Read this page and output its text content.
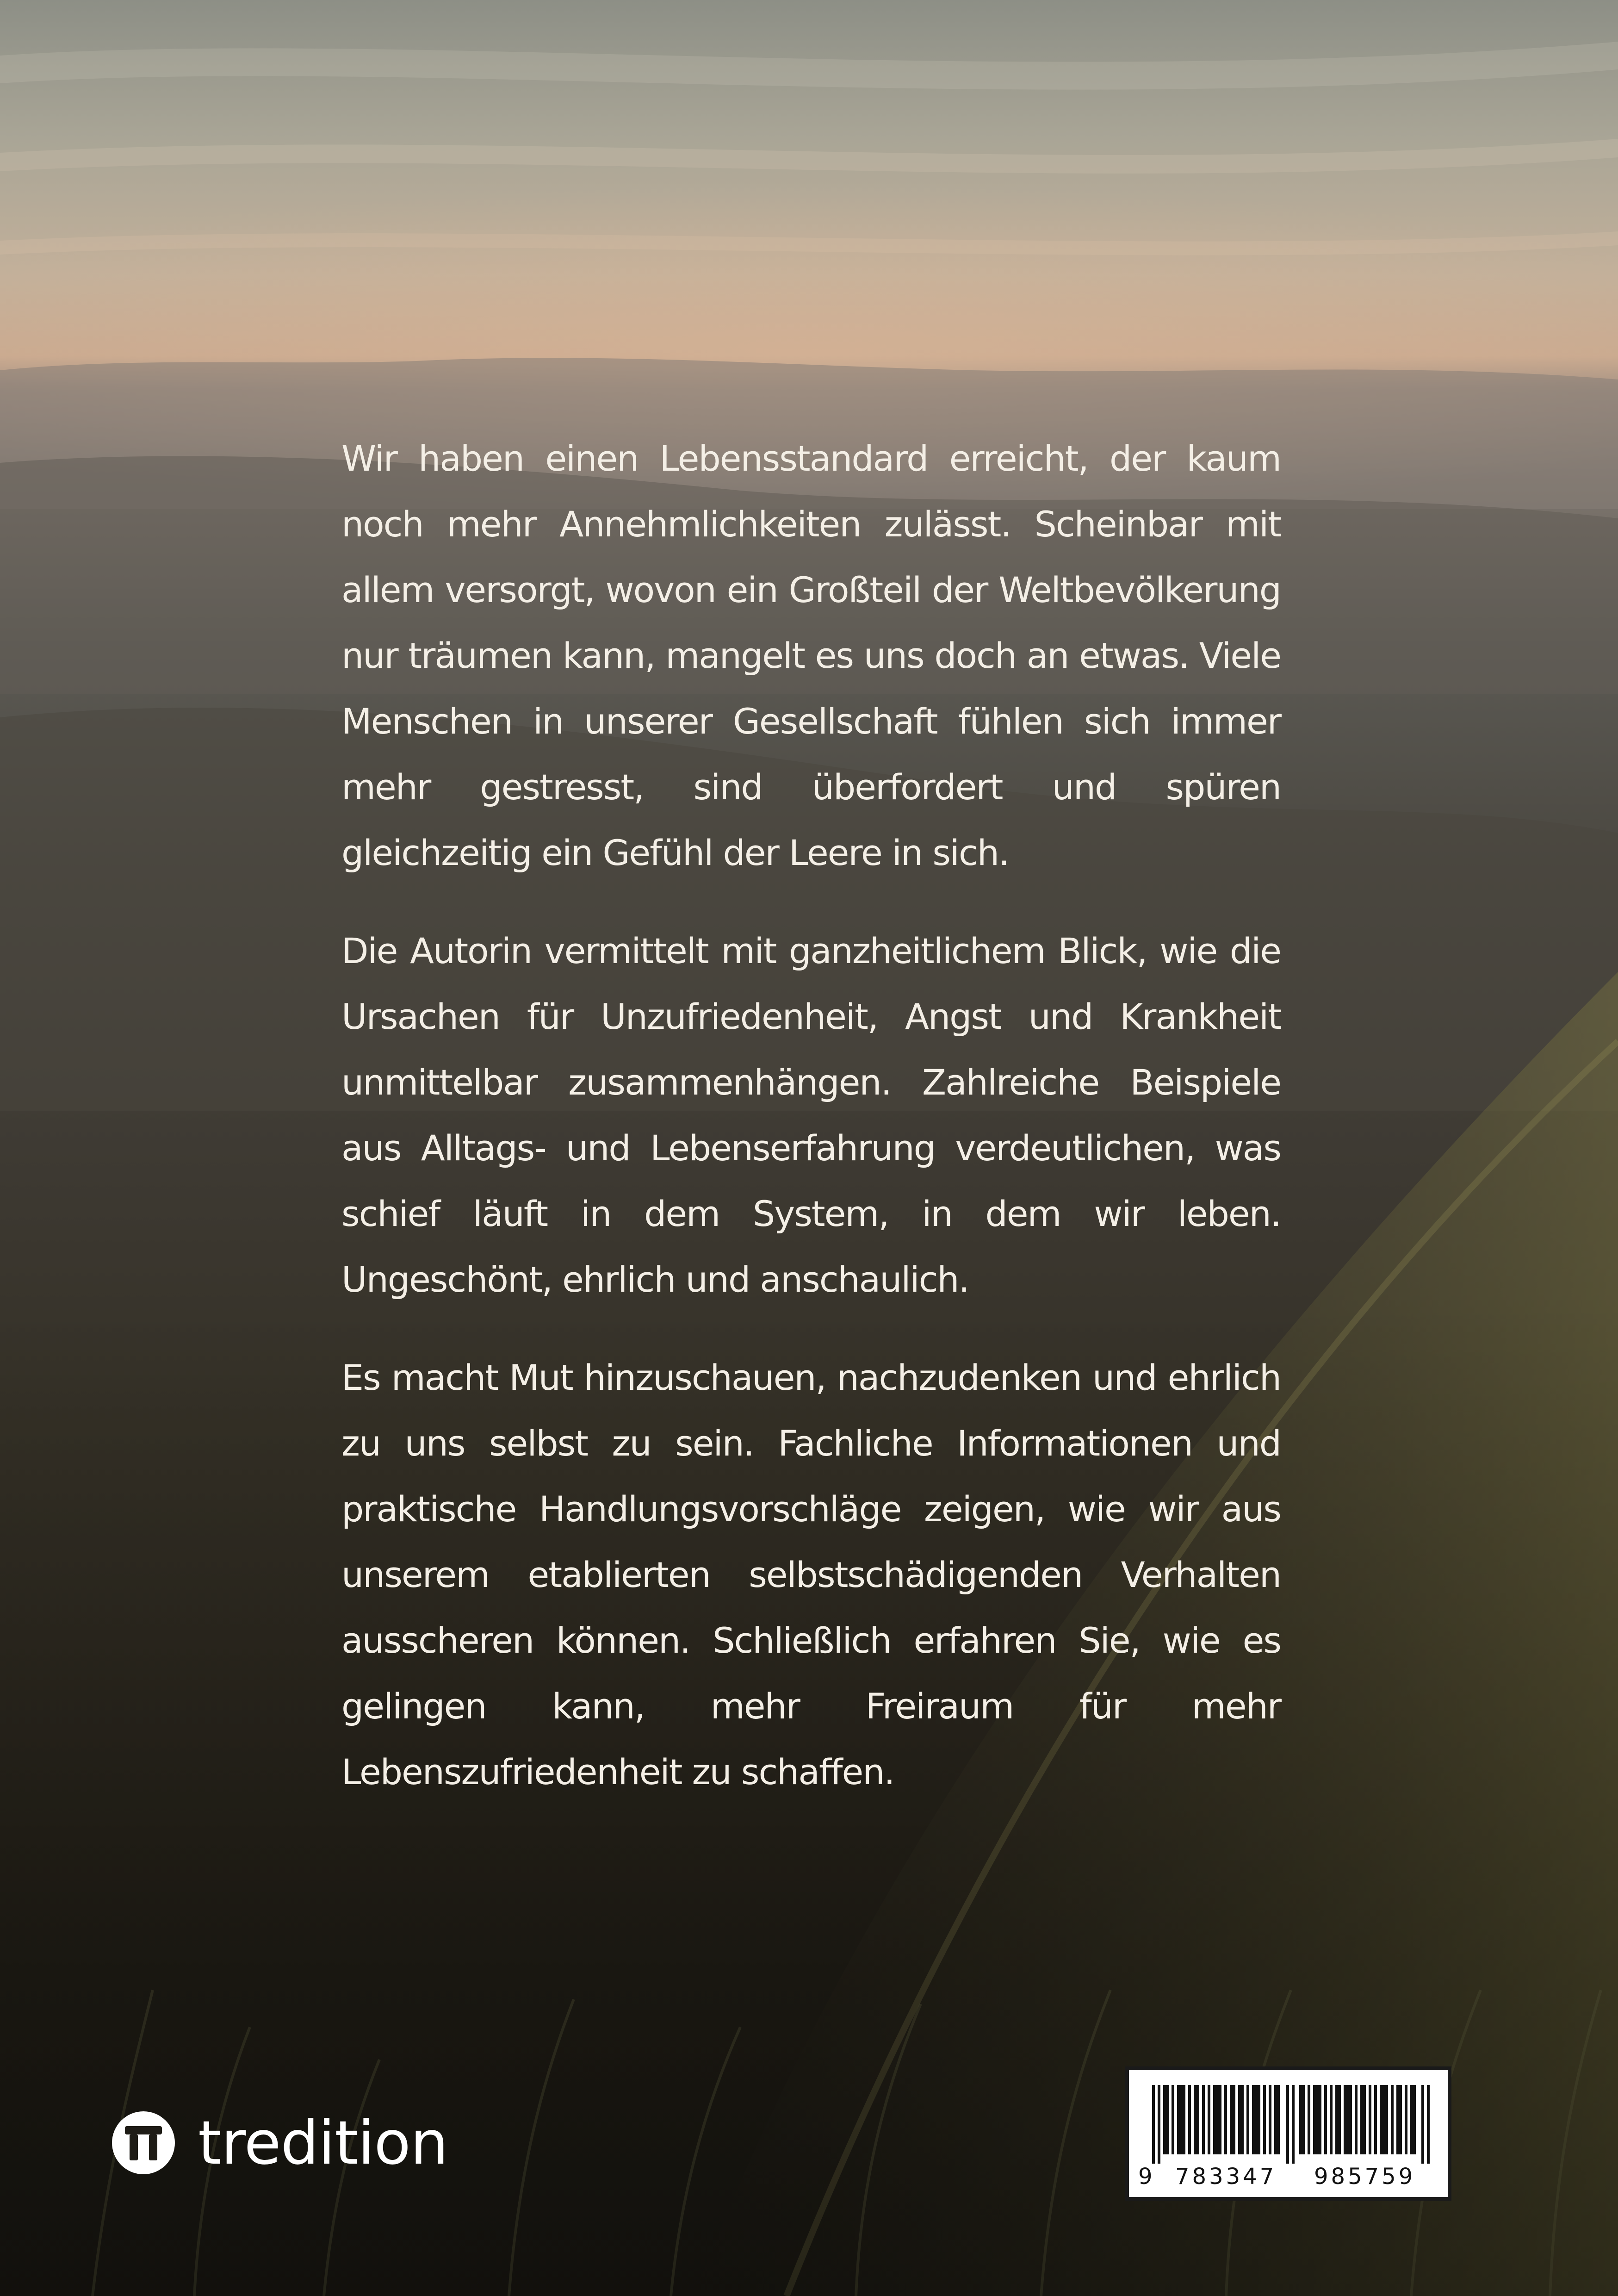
Wir haben einen Lebensstandard erreicht, der kaum noch mehr Annehmlichkeiten zulässt. Scheinbar mit allem versorgt, wovon ein Großteil der Weltbevölkerung nur träumen kann, mangelt es uns doch an etwas. Viele Menschen in unserer Gesellschaft fühlen sich immer mehr gestresst, sind überfordert und spüren gleichzeitig ein Gefühl der Leere in sich.

Die Autorin vermittelt mit ganzheitlichem Blick, wie die Ursachen für Unzufriedenheit, Angst und Krankheit unmittelbar zusammenhängen. Zahlreiche Beispiele aus Alltags- und Lebenserfahrung verdeutlichen, was schief läuft in dem System, in dem wir leben. Ungeschönt, ehrlich und anschaulich.

Es macht Mut hinzuschauen, nachzudenken und ehrlich zu uns selbst zu sein. Fachliche Informationen und praktische Handlungsvorschläge zeigen, wie wir aus unserem etablierten selbstschädigenden Verhalten ausscheren können. Schließlich erfahren Sie, wie es gelingen kann, mehr Freiraum für mehr Lebenszufriedenheit zu schaffen.

tredition	9	783347	985759
